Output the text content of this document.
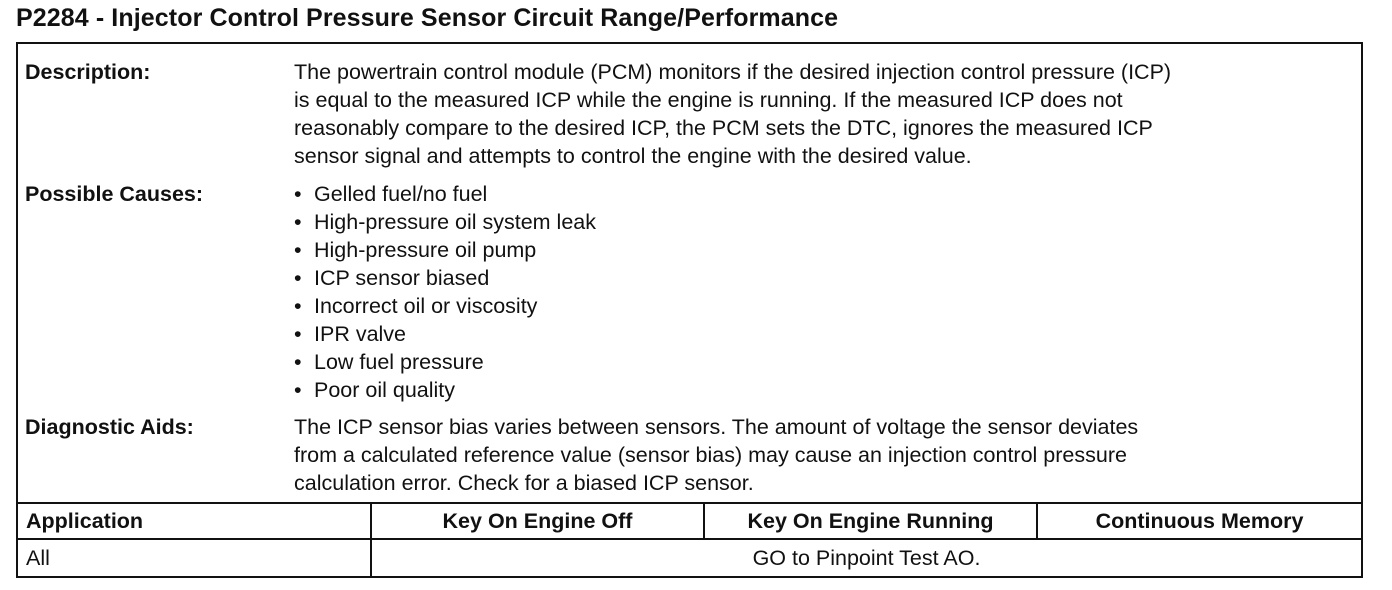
P2284 - Injector Control Pressure Sensor Circuit Range/Performance
Description:	The powertrain control module (PCM) monitors if the desired injection control pressure (ICP)
is equal to the measured ICP while the engine is running. If the measured ICP does not
reasonably compare to the desired ICP, the PCM sets the DTC, ignores the measured ICP
sensor signal and attempts to control the engine with the desired value.
Possible Causes:
•	Gelled fuel/no fuel
• High-pressure oil system leak
• High-pressure oil pump
• ICP sensor biased
• Incorrect oil or viscosity
• IPR valve
• Low fuel pressure
• Poor oil quality
Diagnostic Aids:	The ICP sensor bias varies between sensors. The amount of voltage the sensor deviates
from a calculated reference value (sensor bias) may cause an injection control pressure
calculation error. Check for a biased ICP sensor.
Application	Key On Engine Off	Key On Engine Running	Continuous Memory
All	GO to Pinpoint Test AO.
